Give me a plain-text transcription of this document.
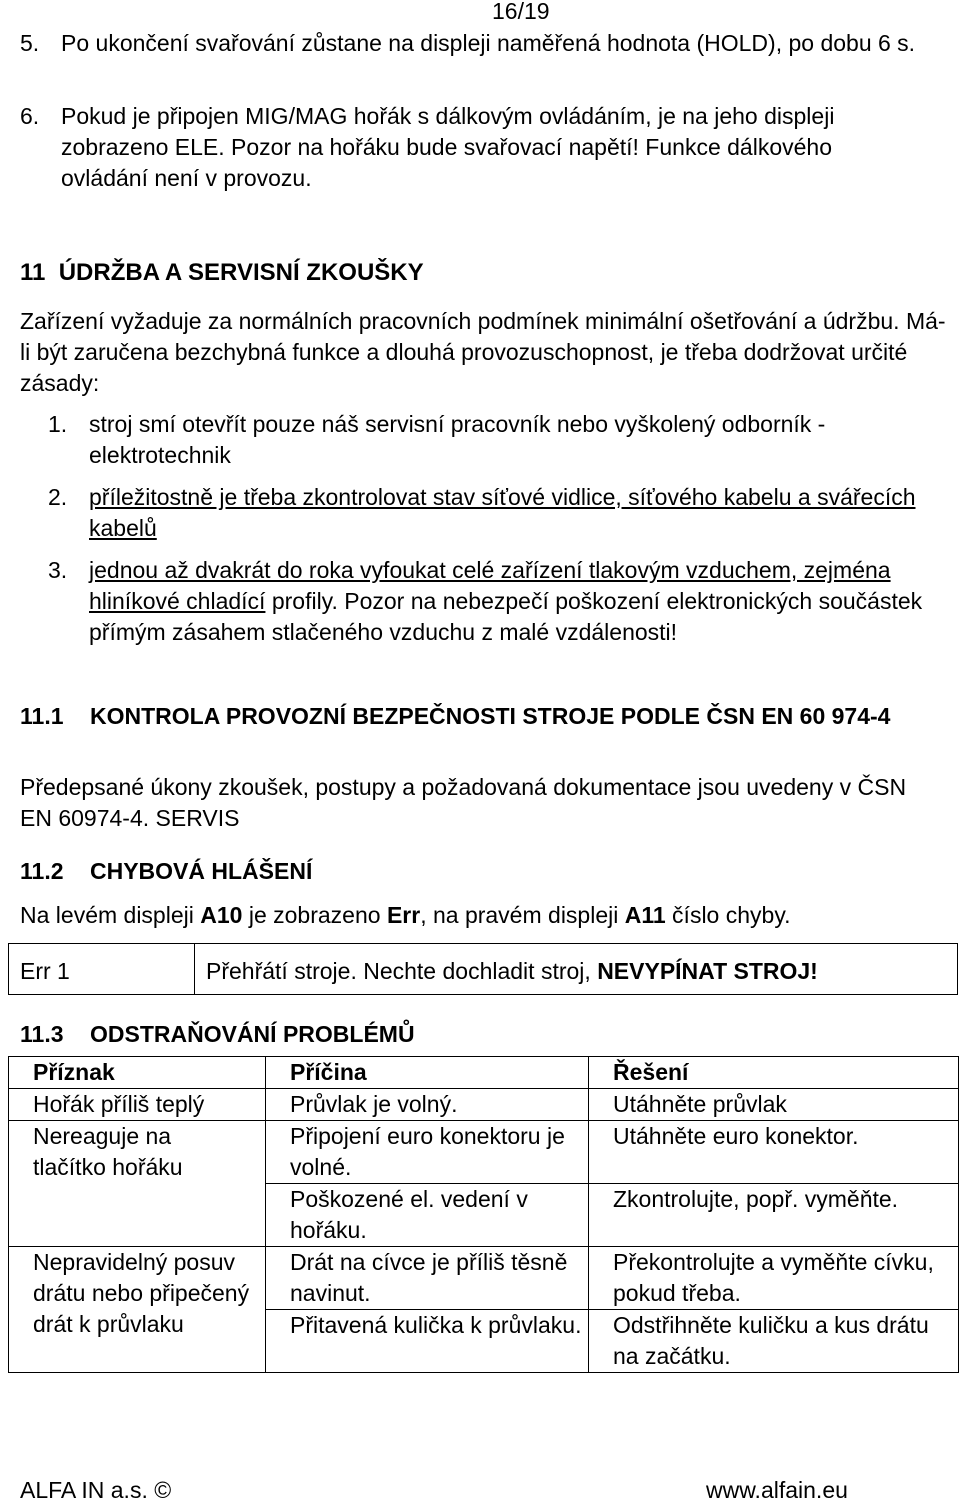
16/19
5. Po ukončení svařování zůstane na displeji naměřená hodnota (HOLD), po dobu 6 s.

6. Pokud je připojen MIG/MAG hořák s dálkovým ovládáním, je na jeho displeji zobrazeno ELE. Pozor na hořáku bude svařovací napětí! Funkce dálkového ovládání není v provozu.

11  ÚDRŽBA A SERVISNÍ ZKOUŠKY

Zařízení vyžaduje za normálních pracovních podmínek minimální ošetřování a údržbu. Má-li být zaručena bezchybná funkce a dlouhá provozuschopnost, je třeba dodržovat určité zásady:

1. stroj smí otevřít pouze náš servisní pracovník nebo vyškolený odborník - elektrotechnik

2. příležitostně je třeba zkontrolovat stav síťové vidlice, síťového kabelu a svářecích kabelů

3. jednou až dvakrát do roka vyfoukat celé zařízení tlakovým vzduchem, zejména hliníkové chladící profily. Pozor na nebezpečí poškození elektronických součástek přímým zásahem stlačeného vzduchu z malé vzdálenosti!

11.1 KONTROLA PROVOZNÍ BEZPEČNOSTI STROJE PODLE ČSN EN 60 974-4

Předepsané úkony zkoušek, postupy a požadovaná dokumentace jsou uvedeny v ČSN EN 60974-4. SERVIS

11.2 CHYBOVÁ HLÁŠENÍ

Na levém displeji A10 je zobrazeno Err, na pravém displeji A11 číslo chyby.

Err 1	Přehřátí stroje. Nechte dochladit stroj, NEVYPÍNAT STROJ!
11.3 ODSTRAŇOVÁNÍ PROBLÉMŮ
Příznak	Příčina	Řešení
Hořák příliš teplý	Průvlak je volný.	Utáhněte průvlak
Nereaguje na tlačítko hořáku	Připojení euro konektoru je volné.	Utáhněte euro konektor.
	Poškozené el. vedení v hořáku.	Zkontrolujte, popř. vyměňte.
Nepravidelný posuv drátu nebo připečený drát k průvlaku	Drát na cívce je příliš těsně navinut.	Překontrolujte a vyměňte cívku, pokud třeba.
	Přitavená kulička k průvlaku.	Odstřihněte kuličku a kus drátu na začátku.
ALFA IN a.s. ©	www.alfain.eu
